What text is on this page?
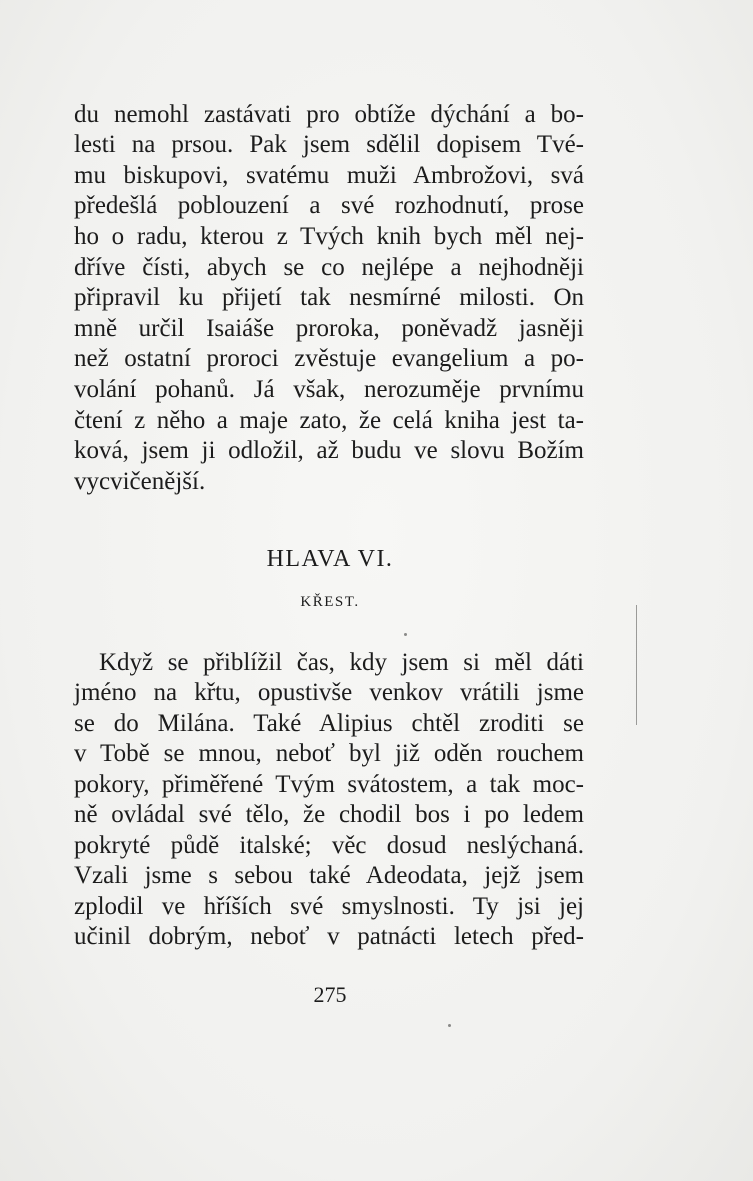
du nemohl zastávati pro obtíže dýchání a bo-
lesti na prsou. Pak jsem sdělil dopisem Tvé-
mu biskupovi, svatému muži Ambrožovi, svá
předešlá poblouzení a své rozhodnutí, prose
ho o radu, kterou z Tvých knih bych měl nej-
dříve čísti, abych se co nejlépe a nejhodněji
připravil ku přijetí tak nesmírné milosti. On
mně určil Isaiáše proroka, poněvadž jasněji
než ostatní proroci zvěstuje evangelium a po-
volání pohanů. Já však, nerozuměje prvnímu
čtení z něho a maje zato, že celá kniha jest ta-
ková, jsem ji odložil, až budu ve slovu Božím
vycvičenější.
HLAVA VI.
KŘEST.
Když se přiblížil čas, kdy jsem si měl dáti
jméno na křtu, opustivše venkov vrátili jsme
se do Milána. Také Alipius chtěl zroditi se
v Tobě se mnou, neboť byl již oděn rouchem
pokory, přiměřené Tvým svátostem, a tak moc-
ně ovládal své tělo, že chodil bos i po ledem
pokryté půdě italské; věc dosud neslýchaná.
Vzali jsme s sebou také Adeodata, jejž jsem
zplodil ve hříších své smyslnosti. Ty jsi jej
učinil dobrým, neboť v patnácti letech před-
275
